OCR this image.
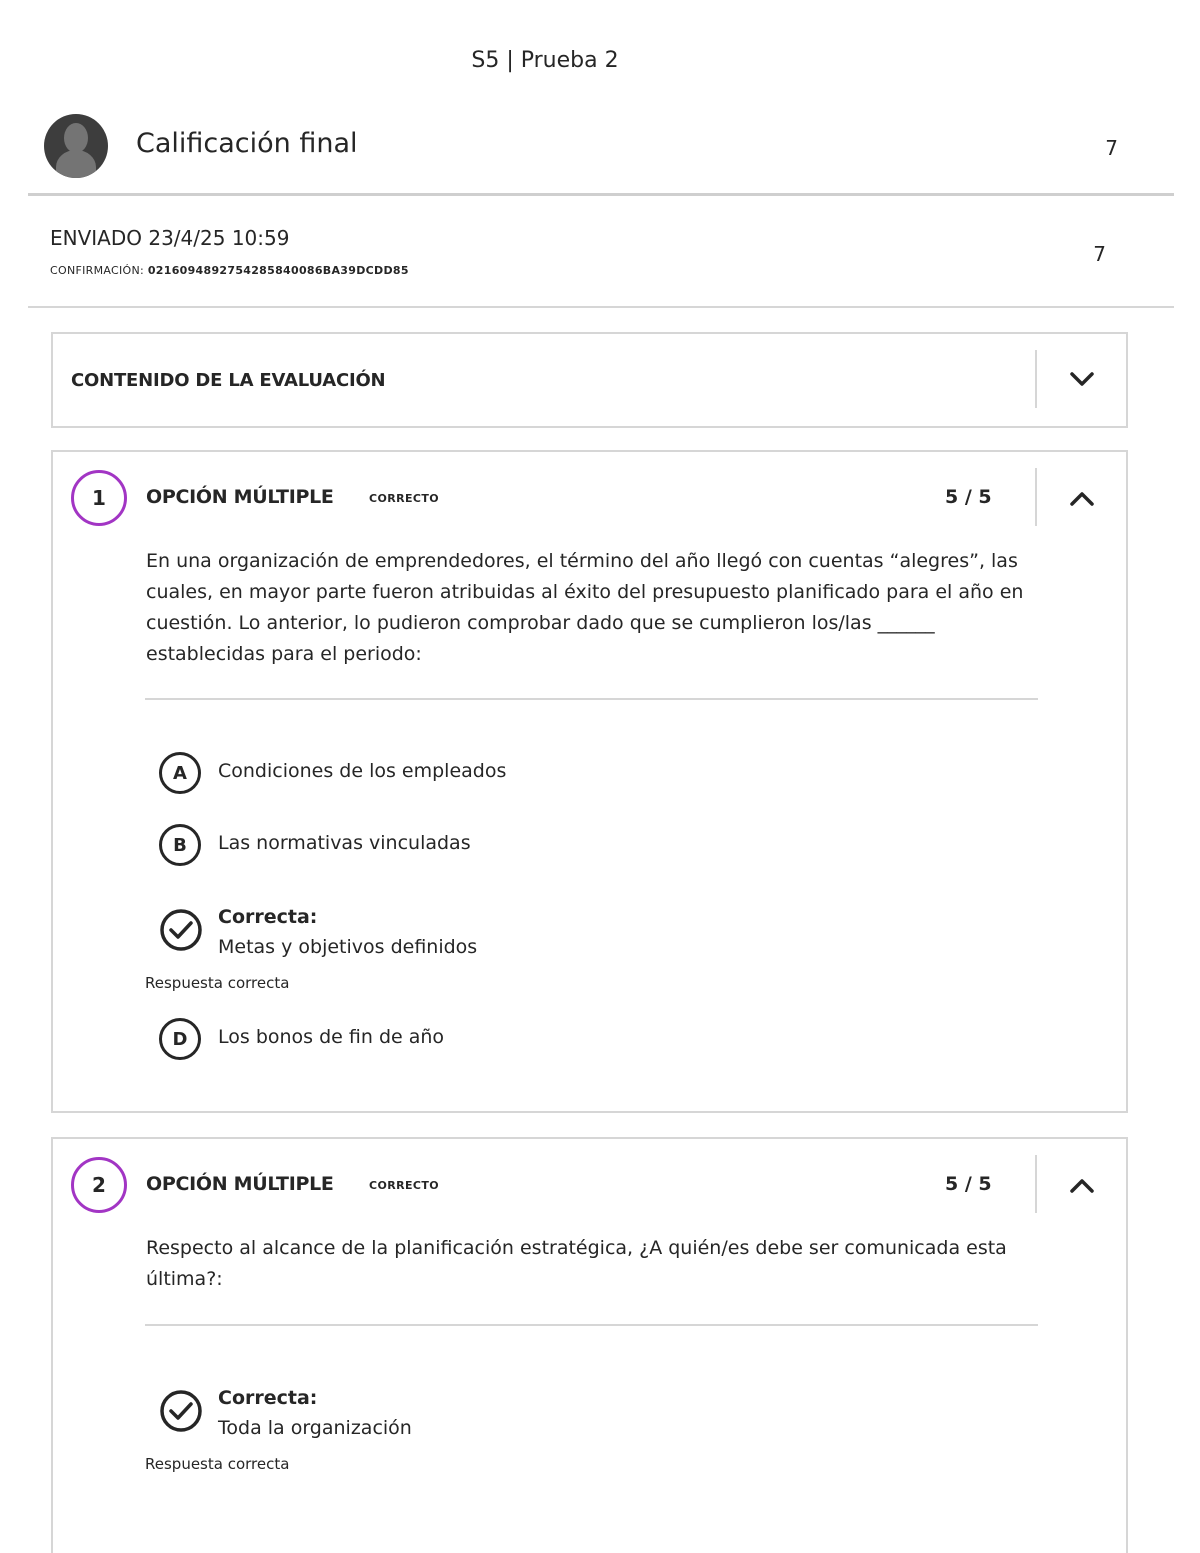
S5 | Prueba 2
Calificación final	7
ENVIADO 23/4/25 10:59
CONFIRMACIÓN: 0216094892754285840086BA39DCDD85
7
CONTENIDO DE LA EVALUACIÓN
1	OPCIÓN MÚLTIPLE	CORRECTO	5 / 5
En una organización de emprendedores, el término del año llegó con cuentas “alegres”, las cuales, en mayor parte fueron atribuidas al éxito del presupuesto planificado para el año en cuestión. Lo anterior, lo pudieron comprobar dado que se cumplieron los/las ______ establecidas para el periodo:
A	Condiciones de los empleados
B	Las normativas vinculadas
Correcta:
Metas y objetivos definidos
Respuesta correcta
D	Los bonos de fin de año
2	OPCIÓN MÚLTIPLE	CORRECTO	5 / 5
Respecto al alcance de la planificación estratégica, ¿A quién/es debe ser comunicada esta última?:
Correcta:
Toda la organización
Respuesta correcta
